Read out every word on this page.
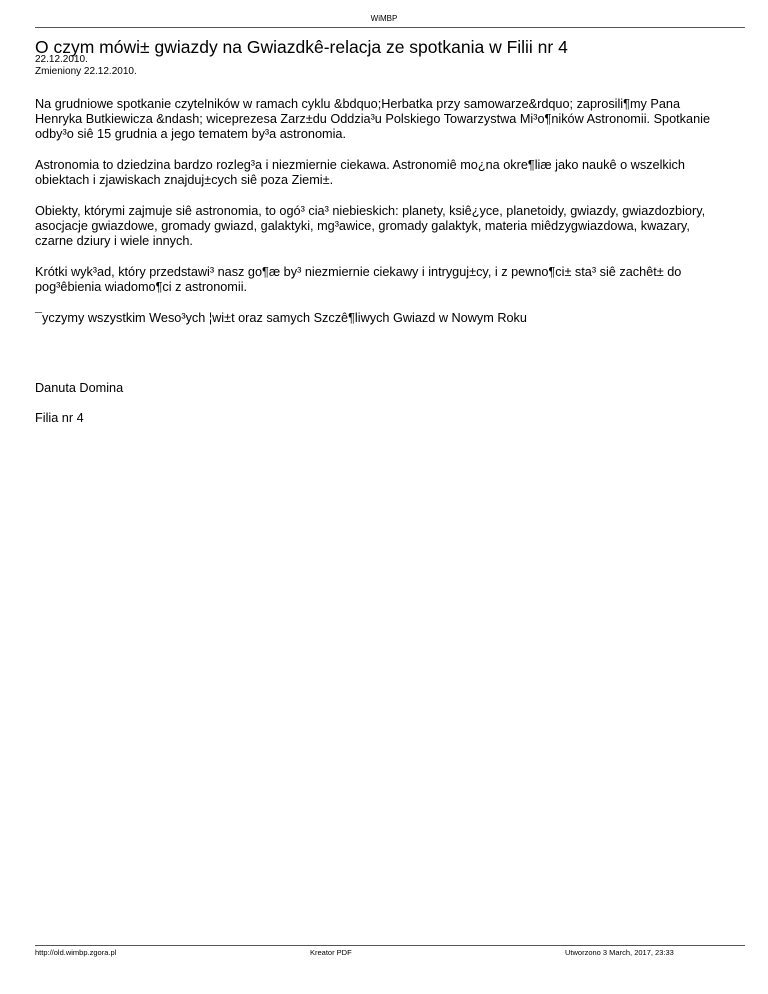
WiMBP
O czym mówi± gwiazdy na Gwiazdkê-relacja ze spotkania w Filii nr 4
22.12.2010.
Zmieniony 22.12.2010.

Na grudniowe spotkanie czytelników w ramach cyklu &bdquo;Herbatka przy samowarze&rdquo; zaprosili¶my Pana Henryka Butkiewicza &ndash; wiceprezesa Zarz±du Oddzia³u Polskiego Towarzystwa Mi³o¶ników Astronomii. Spotkanie odby³o siê 15 grudnia a jego tematem by³a astronomia.

Astronomia to dziedzina bardzo rozleg³a i niezmiernie ciekawa. Astronomiê mo¿na okre¶liæ jako naukê o wszelkich obiektach i zjawiskach znajduj±cych siê poza Ziemi±.

Obiekty, którymi zajmuje siê astronomia, to ogó³ cia³ niebieskich: planety, ksiê¿yce, planetoidy, gwiazdy, gwiazdozbiory, asocjacje gwiazdowe, gromady gwiazd, galaktyki, mg³awice, gromady galaktyk, materia miêdzygwiazdowa, kwazary, czarne dziury i wiele innych.

Krótki wyk³ad, który przedstawi³ nasz go¶æ by³ niezmiernie ciekawy i intryguj±cy, i z pewno¶ci± sta³ siê zachêt± do pog³êbienia wiadomo¶ci z astronomii.

¯yczymy wszystkim Weso³ych ¦wi±t oraz samych Szczê¶liwych Gwiazd w Nowym Roku

Danuta Domina
Filia nr 4
http://old.wimbp.zgora.pl	Kreator PDF	Utworzono 3 March, 2017, 23:33
